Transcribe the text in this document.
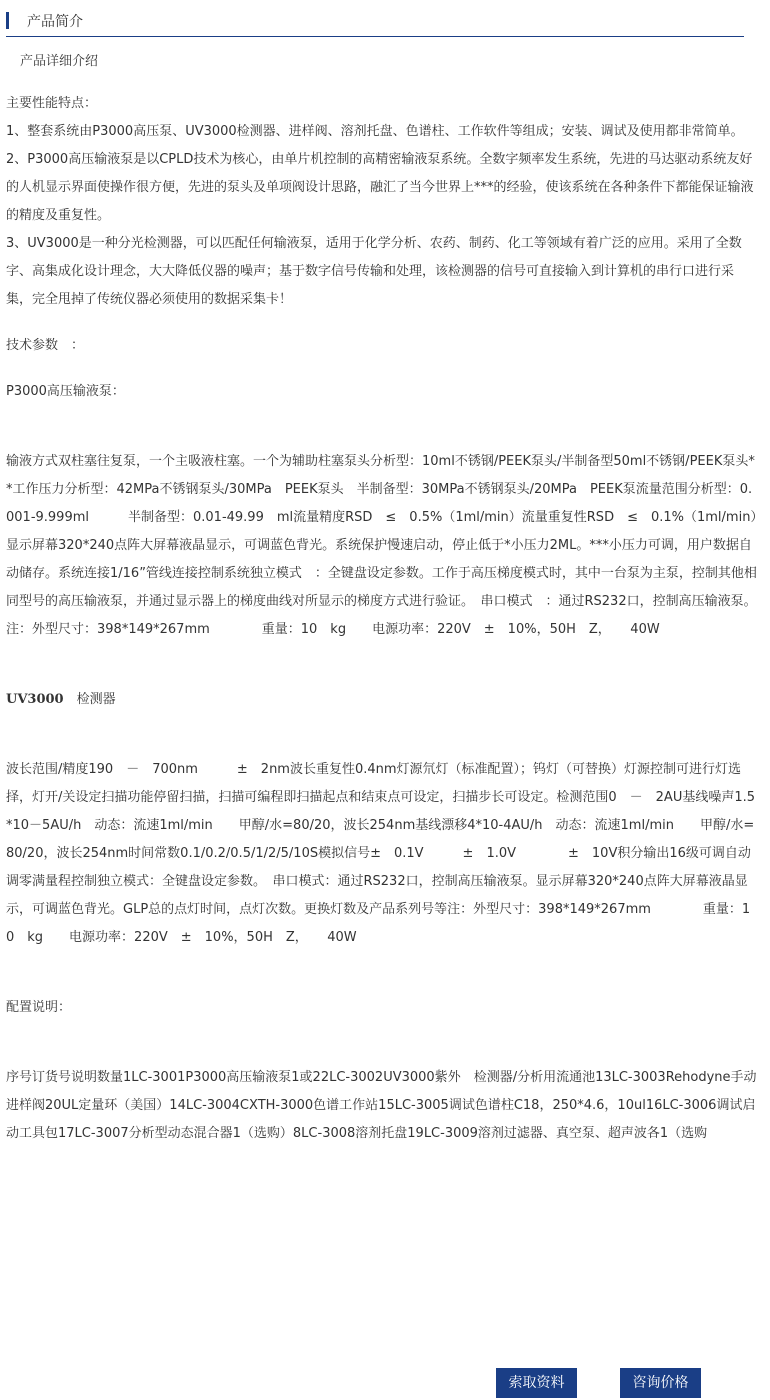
产品简介

产品详细介绍

主要性能特点：

1、整套系统由P3000高压泵、UV3000检测器、进样阀、溶剂托盘、色谱柱、工作软件等组成；安装、调试及使用都非常简单。

2、P3000高压输液泵是以CPLD技术为核心，由单片机控制的高精密输液泵系统。全数字频率发生系统，先进的马达驱动系统友好的人机显示界面使操作很方便，先进的泵头及单项阀设计思路，融汇了当今世界上***的经验，使该系统在各种条件下都能保证输液的精度及重复性。

3、UV3000是一种分光检测器，可以匹配任何输液泵，适用于化学分析、农药、制药、化工等领域有着广泛的应用。采用了全数字、高集成化设计理念，大大降低仪器的噪声；基于数字信号传输和处理，该检测器的信号可直接输入到计算机的串行口进行采集，完全甩掉了传统仪器必须使用的数据采集卡！

技术参数　：

P3000高压输液泵：

输液方式双柱塞往复泵，一个主吸液柱塞。一个为辅助柱塞泵头分析型：10ml不锈钢/PEEK泵头/半制备型50ml不锈钢/PEEK泵头**工作压力分析型：42MPa不锈钢泵头/30MPa　PEEK泵头　半制备型：30MPa不锈钢泵头/20MPa　PEEK泵流量范围分析型：0.001-9.999ml　　　半制备型：0.01-49.99　ml流量精度RSD　≤　0.5%（1ml/min）流量重复性RSD　≤　0.1%（1ml/min）显示屏幕320*240点阵大屏幕液晶显示，可调蓝色背光。系统保护慢速启动，停止低于*小压力2ML。***小压力可调，用户数据自动储存。系统连接1/16”管线连接控制系统独立模式　：全键盘设定参数。工作于高压梯度模式时，其中一台泵为主泵，控制其他相同型号的高压输液泵，并通过显示器上的梯度曲线对所显示的梯度方式进行验证。　串口模式　：通过RS232口，控制高压输液泵。注：外型尺寸：398*149*267mm　　　　重量：10　kg　　电源功率：220V　±　10%，50H　Z，　　40W

UV3000　检测器

波长范围/精度190　－　700nm　　　±　2nm波长重复性0.4nm灯源氘灯（标准配置）；钨灯（可替换）灯源控制可进行灯选择，灯开/关设定扫描功能停留扫描，扫描可编程即扫描起点和结束点可设定，扫描步长可设定。检测范围0　－　2AU基线噪声1.5*10－5AU/h　动态：流速1ml/min　　甲醇/水=80/20，波长254nm基线漂移4*10-4AU/h　动态：流速1ml/min　　甲醇/水=80/20，波长254nm时间常数0.1/0.2/0.5/1/2/5/10S模拟信号±　0.1V　　　±　1.0V　　　　±　10V积分输出16级可调自动调零满量程控制独立模式：全键盘设定参数。　串口模式：通过RS232口，控制高压输液泵。显示屏幕320*240点阵大屏幕液晶显示，可调蓝色背光。GLP总的点灯时间，点灯次数。更换灯数及产品系列号等注：外型尺寸：398*149*267mm　　　　重量：10　kg　　电源功率：220V　±　10%，50H　Z，　　40W

配置说明：

序号订货号说明数量1LC-3001P3000高压输液泵1或22LC-3002UV3000紫外　检测器/分析用流通池13LC-3003Rehodyne手动进样阀20UL定量环（美国）14LC-3004CXTH-3000色谱工作站15LC-3005调试色谱柱C18，250*4.6，10ul16LC-3006调试启动工具包17LC-3007分析型动态混合器1（选购）8LC-3008溶剂托盘19LC-3009溶剂过滤器、真空泵、超声波各1（选购

索取资料	咨询价格
